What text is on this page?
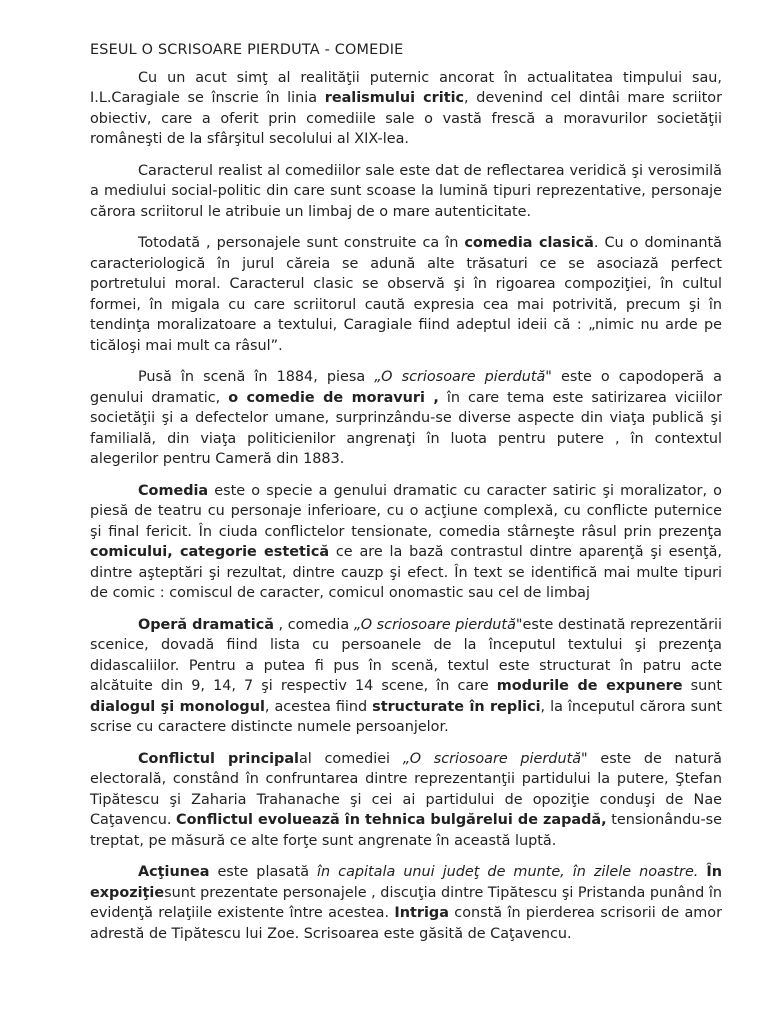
ESEUL O SCRISOARE PIERDUTA - COMEDIE
Cu un acut simţ al realităţii puternic ancorat în actualitatea timpului sau, I.L.Caragiale se înscrie în linia realismului critic, devenind cel dintâi mare scriitor obiectiv, care a oferit prin comediile sale o vastă frescă a moravurilor societăţii româneşti de la sfârşitul secolului al XIX-lea.
Caracterul realist al comediilor sale este dat de reflectarea veridică şi verosimilă a mediului social-politic din care sunt scoase la lumină tipuri reprezentative, personaje cărora scriitorul le atribuie un limbaj de o mare autenticitate.
Totodată , personajele sunt construite ca în comedia clasică. Cu o dominantă caracteriologică în jurul căreia se adună alte trăsaturi ce se asociază perfect portretului moral. Caracterul clasic se observă şi în rigoarea compoziţiei, în cultul formei, în migala cu care scriitorul caută expresia cea mai potrivită, precum şi în tendinţa moralizatoare a textului, Caragiale fiind adeptul ideii că : „nimic nu arde pe ticăloşi mai mult ca râsul”.
Pusă în scenă în 1884, piesa „O scriosoare pierdută" este o capodoperă a genului dramatic, o comedie de moravuri , în care tema este satirizarea viciilor societăţii şi a defectelor umane, surprinzându-se diverse aspecte din viaţa publică şi familială, din viaţa politicienilor angrenaţi în luota pentru putere , în contextul alegerilor pentru Cameră din 1883.
Comedia este o specie a genului dramatic cu caracter satiric şi moralizator, o piesă de teatru cu personaje inferioare, cu o acţiune complexă, cu conflicte puternice şi final fericit. În ciuda conflictelor tensionate, comedia stârneşte râsul prin prezenţa comicului, categorie estetică ce are la bază contrastul dintre aparenţă şi esenţă, dintre aşteptări şi rezultat, dintre cauzp şi efect. În text se identifică mai multe tipuri de comic : comiscul de caracter, comicul onomastic sau cel de limbaj
Operă dramatică , comedia „O scriosoare pierdută"este destinată reprezentării scenice, dovadă fiind lista cu persoanele de la începutul textului şi prezenţa didascaliilor. Pentru a putea fi pus în scenă, textul este structurat în patru acte alcătuite din 9, 14, 7 şi respectiv 14 scene, în care modurile de expunere sunt dialogul şi monologul, acestea fiind structurate în replici, la începutul cărora sunt scrise cu caractere distincte numele persoanjelor.
Conflictul principalal comediei „O scriosoare pierdută" este de natură electorală, constând în confruntarea dintre reprezentanţii partidului la putere, Ştefan Tipătescu şi Zaharia Trahanache şi cei ai partidului de opoziţie conduşi de Nae Caţavencu. Conflictul evoluează în tehnica bulgărelui de zapadă, tensionându-se treptat, pe măsură ce alte forţe sunt angrenate în această luptă.
Acţiunea este plasată în capitala unui judeţ de munte, în zilele noastre. În expoziţiesunt prezentate personajele , discuţia dintre Tipătescu şi Pristanda punând în evidenţă relaţiile existente între acestea. Intriga constă în pierderea scrisorii de amor adrestă de Tipătescu lui Zoe. Scrisoarea este găsită de Caţavencu.
